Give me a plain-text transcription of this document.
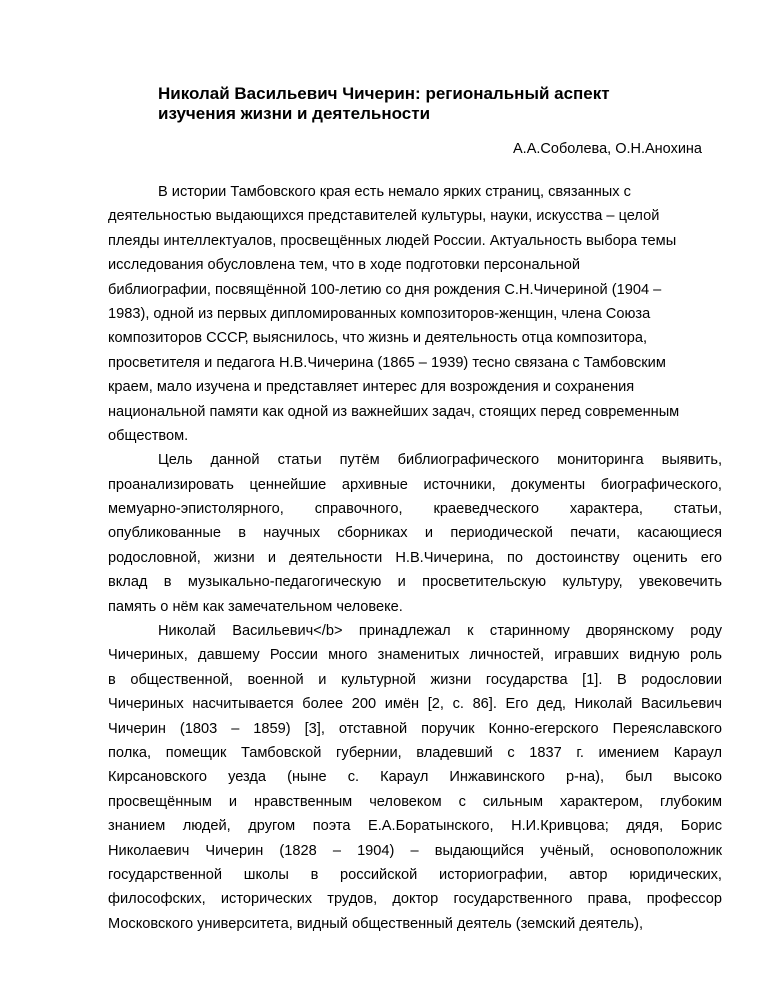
Николай Васильевич Чичерин: региональный аспект
изучения жизни и деятельности
А.А.Соболева, О.Н.Анохина
В истории Тамбовского края есть немало ярких страниц, связанных с
деятельностью выдающихся представителей культуры, науки, искусства – целой
плеяды интеллектуалов, просвещённых людей России. Актуальность выбора темы
исследования обусловлена тем, что в ходе подготовки персональной
библиографии, посвящённой 100-летию со дня рождения С.Н.Чичериной (1904 –
1983), одной из первых дипломированных композиторов-женщин, члена Союза
композиторов СССР, выяснилось, что жизнь и деятельность отца композитора,
просветителя и педагога Н.В.Чичерина (1865 – 1939) тесно связана с Тамбовским
краем, мало изучена и представляет интерес для возрождения и сохранения
национальной памяти как одной из важнейших задач, стоящих перед современным
обществом.
Цель данной статьи путём библиографического мониторинга выявить,
проанализировать ценнейшие архивные источники, документы биографического,
мемуарно-эпистолярного, справочного, краеведческого характера, статьи,
опубликованные в научных сборниках и периодической печати, касающиеся
родословной, жизни и деятельности Н.В.Чичерина, по достоинству оценить его
вклад в музыкально-педагогическую и просветительскую культуру, увековечить
память о нём как замечательном человеке.
Николай Васильевич</b> принадлежал к старинному дворянскому роду
Чичериных, давшему России много знаменитых личностей, игравших видную роль
в общественной, военной и культурной жизни государства [1]. В родословии
Чичериных насчитывается более 200 имён [2, с. 86]. Его дед, Николай Васильевич
Чичерин (1803 – 1859) [3], отставной поручик Конно-егерского Переяславского
полка, помещик Тамбовской губернии, владевший с 1837 г. имением Караул
Кирсановского уезда (ныне с. Караул Инжавинского р-на), был высоко
просвещённым и нравственным человеком с сильным характером, глубоким
знанием людей, другом поэта Е.А.Боратынского, Н.И.Кривцова; дядя, Борис
Николаевич Чичерин (1828 – 1904) – выдающийся учёный, основоположник
государственной школы в российской историографии, автор юридических,
философских, исторических трудов, доктор государственного права, профессор
Московского университета, видный общественный деятель (земский деятель),
